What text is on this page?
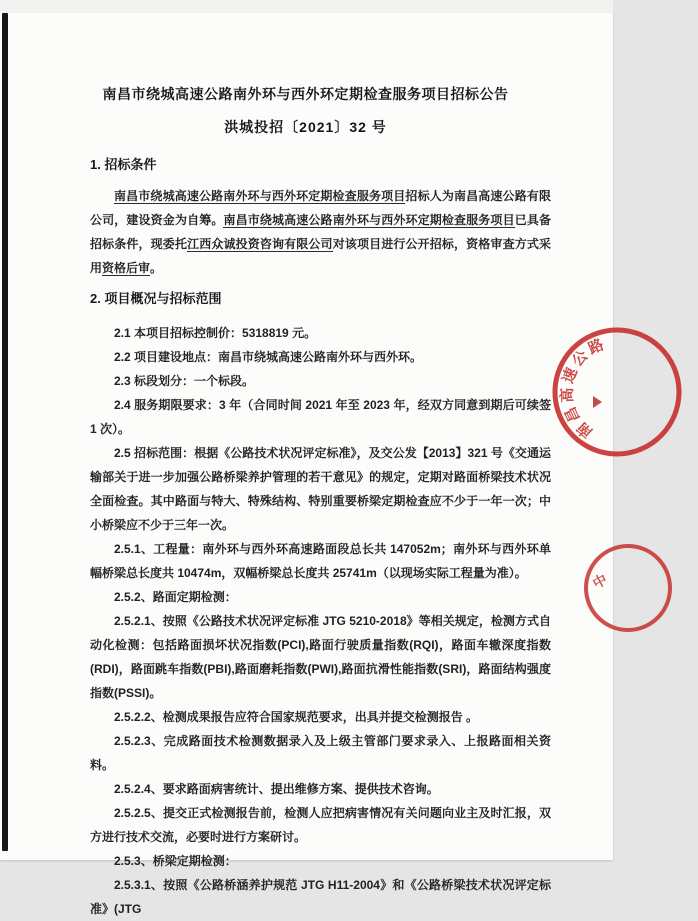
南昌市绕城高速公路南外环与西外环定期检查服务项目招标公告
洪城投招〔2021〕32 号
1. 招标条件

南昌市绕城高速公路南外环与西外环定期检查服务项目招标人为南昌高速公路有限公司，建设资金为自筹。南昌市绕城高速公路南外环与西外环定期检查服务项目已具备招标条件，现委托江西众诚投资咨询有限公司对该项目进行公开招标，资格审查方式采用资格后审。

2. 项目概况与招标范围

2.1 本项目招标控制价：5318819 元。

2.2 项目建设地点：南昌市绕城高速公路南外环与西外环。

2.3 标段划分：一个标段。

2.4 服务期限要求：3 年（合同时间 2021 年至 2023 年，经双方同意到期后可续签 1 次）。

2.5 招标范围：根据《公路技术状况评定标准》，及交公发【2013】321 号《交通运输部关于进一步加强公路桥梁养护管理的若干意见》的规定，定期对路面桥梁技术状况全面检查。其中路面与特大、特殊结构、特别重要桥梁定期检查应不少于一年一次；中小桥梁应不少于三年一次。

2.5.1、工程量：南外环与西外环高速路面段总长共 147052m；南外环与西外环单幅桥梁总长度共 10474m，双幅桥梁总长度共 25741m（以现场实际工程量为准）。

2.5.2、路面定期检测：

2.5.2.1、按照《公路技术状况评定标准 JTG 5210-2018》等相关规定，检测方式自动化检测：包括路面损坏状况指数(PCI),路面行驶质量指数(RQI)，路面车辙深度指数(RDI)，路面跳车指数(PBI),路面磨耗指数(PWI),路面抗滑性能指数(SRI)，路面结构强度指数(PSSI)。

2.5.2.2、检测成果报告应符合国家规范要求，出具并提交检测报告 。

2.5.2.3、完成路面技术检测数据录入及上级主管部门要求录入、上报路面相关资料。

2.5.2.4、要求路面病害统计、提出维修方案、提供技术咨询。

2.5.2.5、提交正式检测报告前，检测人应把病害情况有关问题向业主及时汇报，双方进行技术交流，必要时进行方案研讨。

2.5.3、桥梁定期检测：

2.5.3.1、按照《公路桥涵养护规范 JTG H11-2004》和《公路桥梁技术状况评定标准》(JTG

南昌高速公路
中
